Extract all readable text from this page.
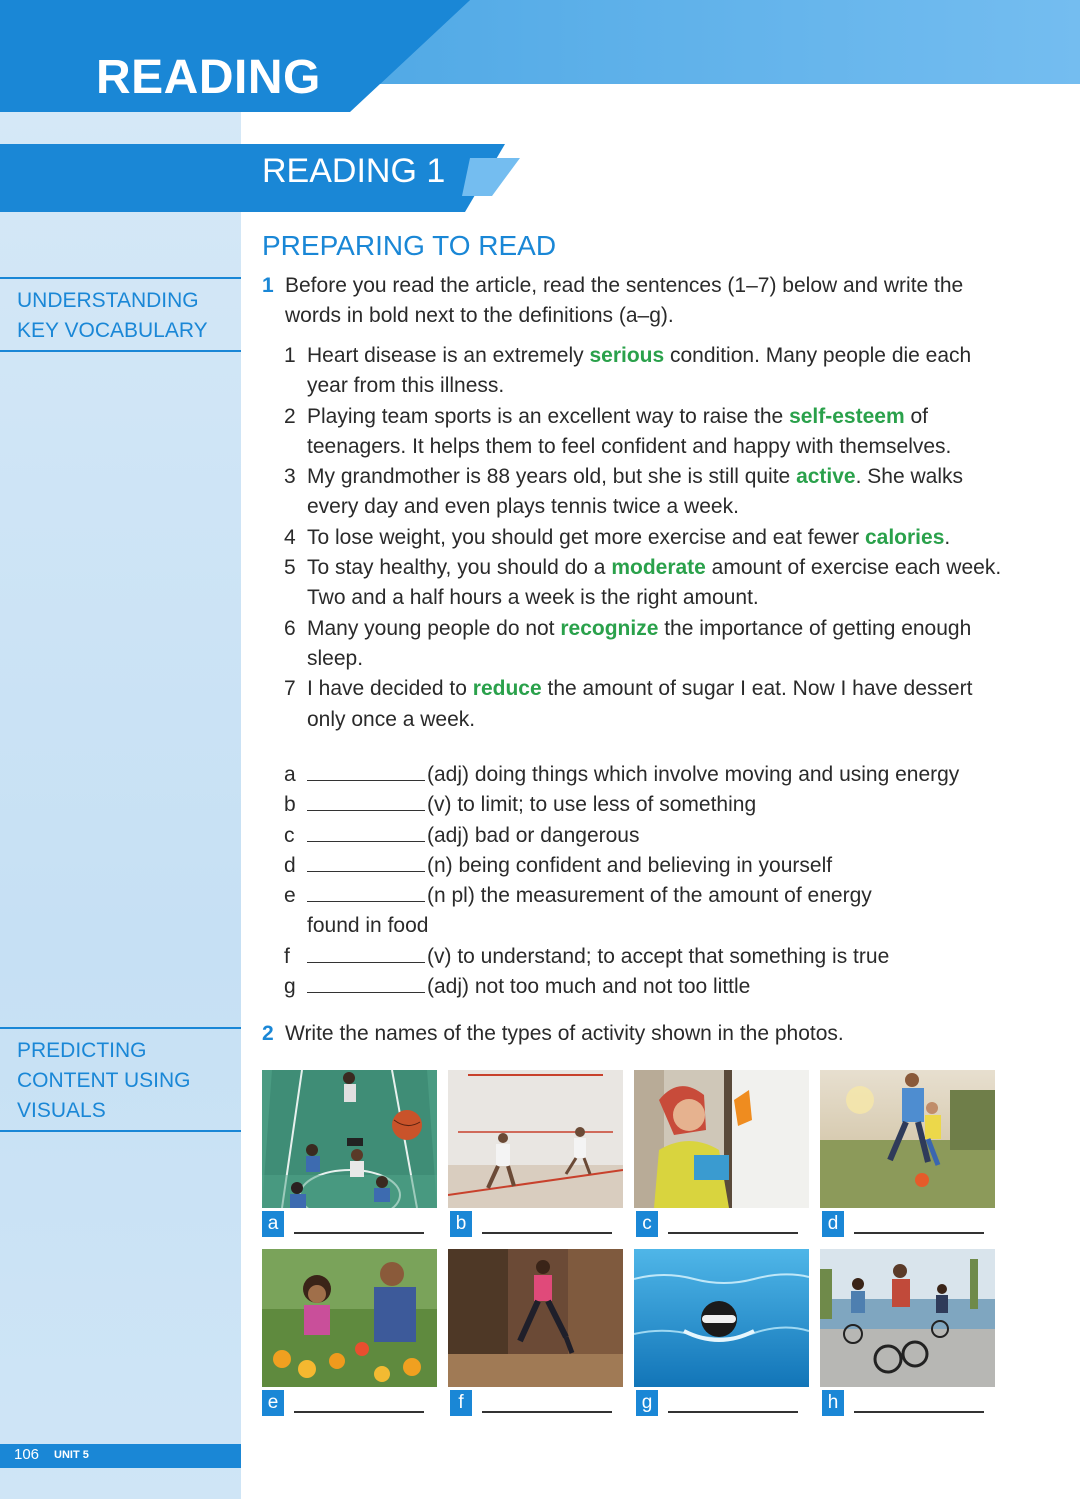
READING
READING 1
UNDERSTANDING
KEY VOCABULARY
PREDICTING
CONTENT USING
VISUALS
PREPARING TO READ
1 Before you read the article, read the sentences (1–7) below and write the
words in bold next to the definitions (a–g).
1 Heart disease is an extremely serious condition. Many people die each year from this illness.
2 Playing team sports is an excellent way to raise the self-esteem of teenagers. It helps them to feel confident and happy with themselves.
3 My grandmother is 88 years old, but she is still quite active. She walks every day and even plays tennis twice a week.
4 To lose weight, you should get more exercise and eat fewer calories.
5 To stay healthy, you should do a moderate amount of exercise each week. Two and a half hours a week is the right amount.
6 Many young people do not recognize the importance of getting enough sleep.
7 I have decided to reduce the amount of sugar I eat. Now I have dessert only once a week.
a	(adj) doing things which involve moving and using energy
b	(v) to limit; to use less of something
c	(adj) bad or dangerous
d	(n) being confident and believing in yourself
e	(n pl) the measurement of the amount of energy found in food
f	(v) to understand; to accept that something is true
g	(adj) not too much and not too little
2 Write the names of the types of activity shown in the photos.
a	b	c	d
e	f	g	h
106 UNIT 5
